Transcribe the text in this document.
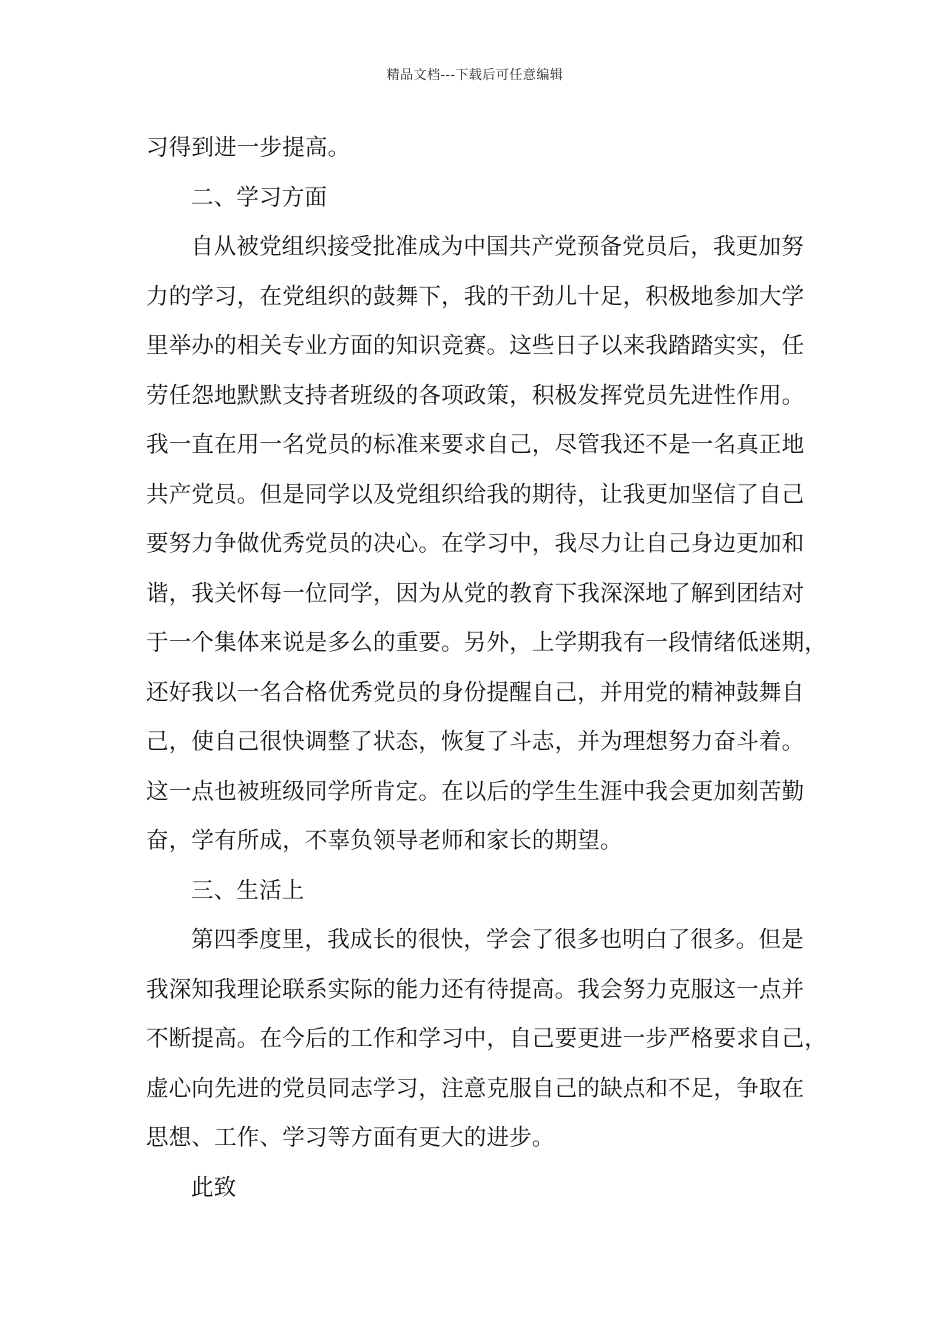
精品文档---下载后可任意编辑
习得到进一步提高。
二、学习方面
自从被党组织接受批准成为中国共产党预备党员后，我更加努
力的学习，在党组织的鼓舞下，我的干劲儿十足，积极地参加大学
里举办的相关专业方面的知识竞赛。这些日子以来我踏踏实实，任
劳任怨地默默支持者班级的各项政策，积极发挥党员先进性作用。
我一直在用一名党员的标准来要求自己，尽管我还不是一名真正地
共产党员。但是同学以及党组织给我的期待，让我更加坚信了自己
要努力争做优秀党员的决心。在学习中，我尽力让自己身边更加和
谐，我关怀每一位同学，因为从党的教育下我深深地了解到团结对
于一个集体来说是多么的重要。另外，上学期我有一段情绪低迷期，
还好我以一名合格优秀党员的身份提醒自己，并用党的精神鼓舞自
己，使自己很快调整了状态，恢复了斗志，并为理想努力奋斗着。
这一点也被班级同学所肯定。在以后的学生生涯中我会更加刻苦勤
奋，学有所成，不辜负领导老师和家长的期望。
三、生活上
第四季度里，我成长的很快，学会了很多也明白了很多。但是
我深知我理论联系实际的能力还有待提高。我会努力克服这一点并
不断提高。在今后的工作和学习中，自己要更进一步严格要求自己，
虚心向先进的党员同志学习，注意克服自己的缺点和不足，争取在
思想、工作、学习等方面有更大的进步。
此致
